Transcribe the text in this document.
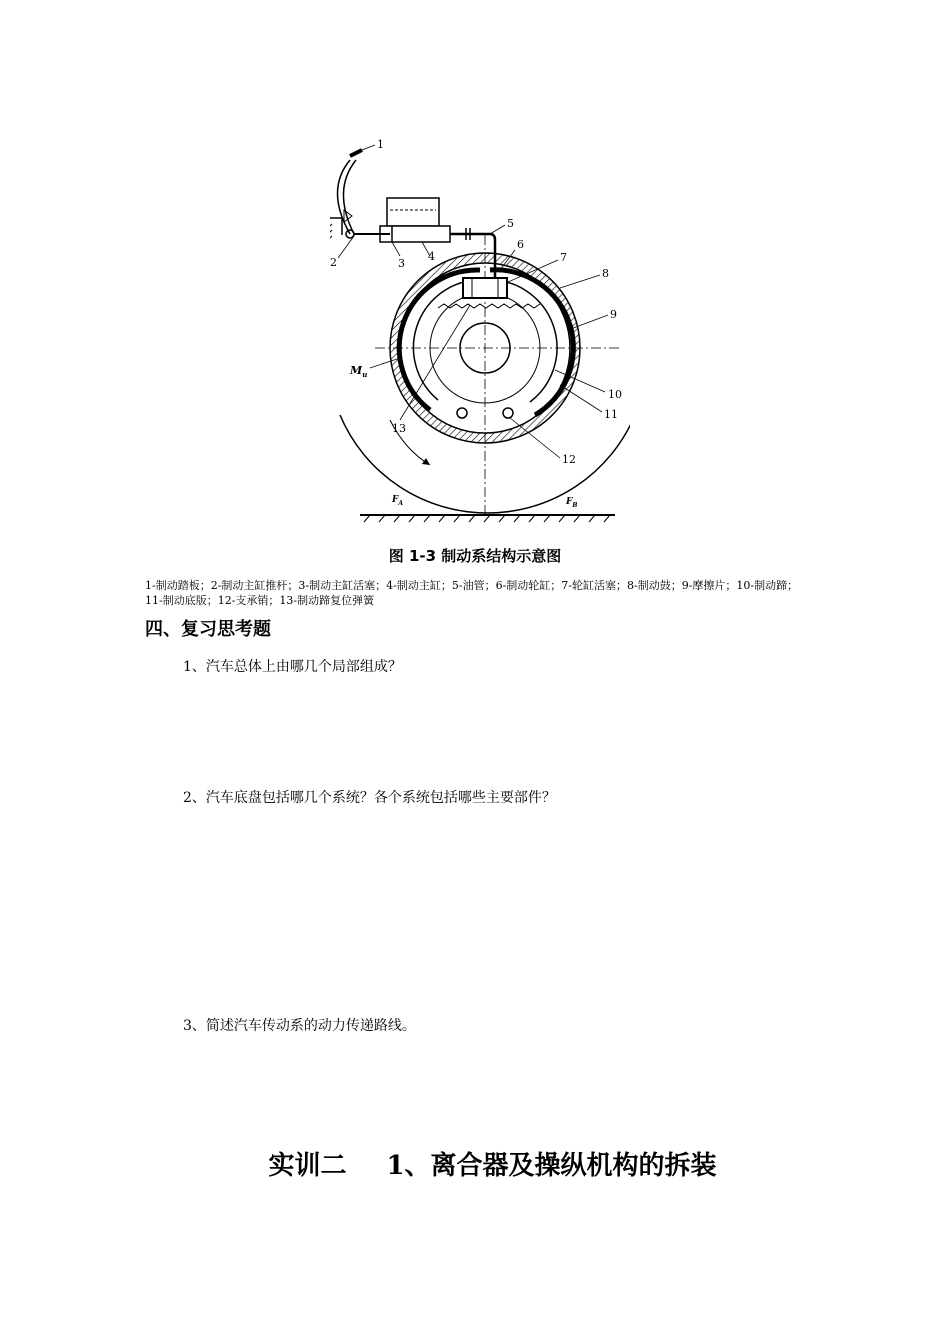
1
2	3
4
5
6
7
8
9
10
11
12
13
$M_u$
$F_A$	$F_B$
图 1-3 制动系结构示意图
1-制动踏板；2-制动主缸推杆；3-制动主缸活塞；4-制动主缸；5-油管；6-制动轮缸；7-轮缸活塞；8-制动鼓；9-摩擦片；10-制动蹄；11-制动底版；12-支承销；13-制动蹄复位弹簧
四、复习思考题
1、汽车总体上由哪几个局部组成？
2、汽车底盘包括哪几个系统？各个系统包括哪些主要部件？
3、简述汽车传动系的动力传递路线。
实训二 1、离合器及操纵机构的拆装
